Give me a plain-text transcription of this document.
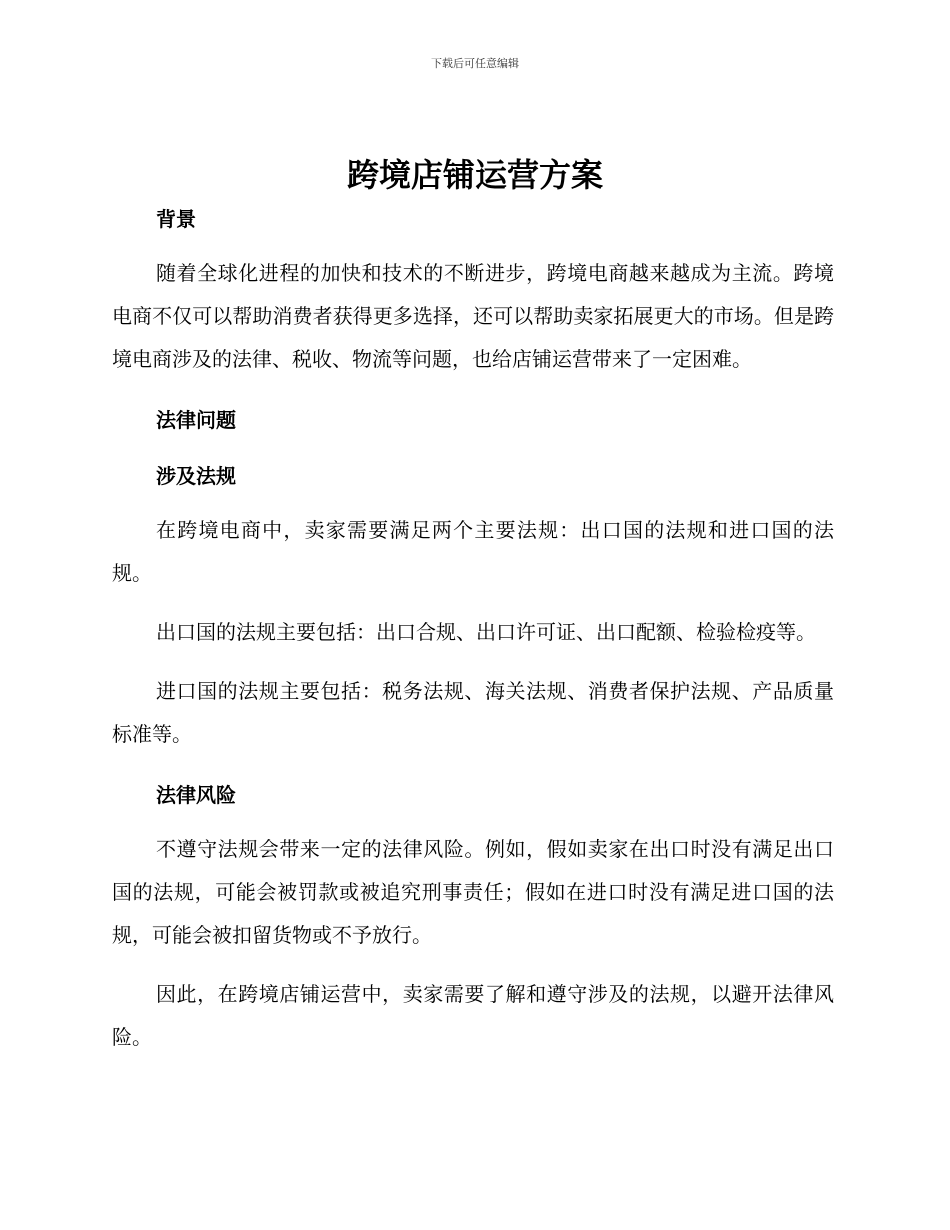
下载后可任意编辑
跨境店铺运营方案
背景

随着全球化进程的加快和技术的不断进步，跨境电商越来越成为主流。跨境电商不仅可以帮助消费者获得更多选择，还可以帮助卖家拓展更大的市场。但是跨境电商涉及的法律、税收、物流等问题，也给店铺运营带来了一定困难。

法律问题
涉及法规

在跨境电商中，卖家需要满足两个主要法规：出口国的法规和进口国的法规。

出口国的法规主要包括：出口合规、出口许可证、出口配额、检验检疫等。

进口国的法规主要包括：税务法规、海关法规、消费者保护法规、产品质量标准等。

法律风险

不遵守法规会带来一定的法律风险。例如，假如卖家在出口时没有满足出口国的法规，可能会被罚款或被追究刑事责任；假如在进口时没有满足进口国的法规，可能会被扣留货物或不予放行。

因此，在跨境店铺运营中，卖家需要了解和遵守涉及的法规，以避开法律风险。
